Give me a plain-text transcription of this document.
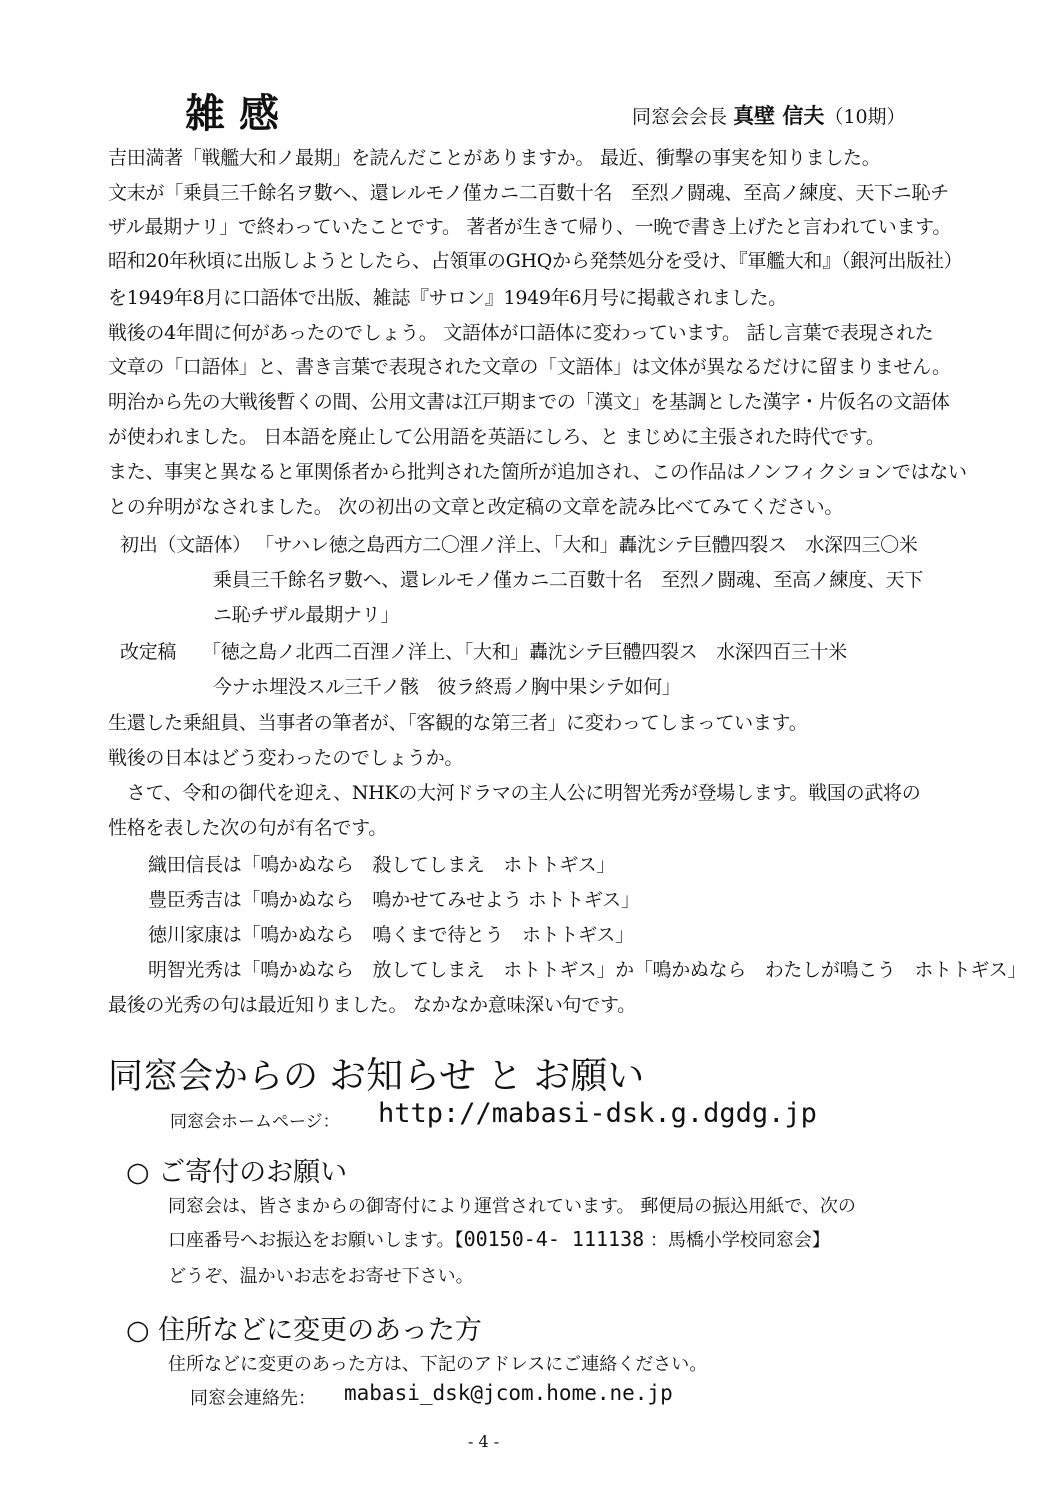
雑感	同窓会会長 真壁 信夫（10期）
吉田満著「戦艦大和ノ最期」を読んだことがありますか。 最近、衝撃の事実を知りました。
文末が「乗員三千餘名ヲ數ヘ、還レルモノ僅カニ二百數十名　至烈ノ闘魂、至高ノ練度、天下ニ恥チ
ザル最期ナリ」で終わっていたことです。 著者が生きて帰り、一晩で書き上げたと言われています。
昭和20年秋頃に出版しようとしたら、占領軍のGHQから発禁処分を受け、『軍艦大和』（銀河出版社）
を1949年8月に口語体で出版、雑誌『サロン』1949年6月号に掲載されました。
戦後の4年間に何があったのでしょう。 文語体が口語体に変わっています。 話し言葉で表現された
文章の「口語体」と、書き言葉で表現された文章の「文語体」は文体が異なるだけに留まりません。
明治から先の大戦後暫くの間、公用文書は江戸期までの「漢文」を基調とした漢字・片仮名の文語体
が使われました。 日本語を廃止して公用語を英語にしろ、と まじめに主張された時代です。
また、事実と異なると軍関係者から批判された箇所が追加され、この作品はノンフィクションではない
との弁明がなされました。 次の初出の文章と改定稿の文章を読み比べてみてください。
初出（文語体） 「サハレ徳之島西方二〇浬ノ洋上、「大和」轟沈シテ巨體四裂ス　水深四三〇米
乗員三千餘名ヲ數ヘ、還レルモノ僅カニ二百數十名　至烈ノ闘魂、至高ノ練度、天下
ニ恥チザル最期ナリ」
改定稿 「徳之島ノ北西二百浬ノ洋上、「大和」轟沈シテ巨體四裂ス　水深四百三十米
今ナホ埋没スル三千ノ骸　彼ラ終焉ノ胸中果シテ如何」
生還した乗組員、当事者の筆者が、「客観的な第三者」に変わってしまっています。
戦後の日本はどう変わったのでしょうか。
　さて、令和の御代を迎え、NHKの大河ドラマの主人公に明智光秀が登場します。戦国の武将の
性格を表した次の句が有名です。
織田信長は「鳴かぬなら　殺してしまえ　ホトトギス」
豊臣秀吉は「鳴かぬなら　鳴かせてみせよう ホトトギス」
徳川家康は「鳴かぬなら　鳴くまで待とう　ホトトギス」
明智光秀は「鳴かぬなら　放してしまえ　ホトトギス」か「鳴かぬなら　わたしが鳴こう　ホトトギス」
最後の光秀の句は最近知りました。 なかなか意味深い句です。
同窓会からの お知らせ と お願い
同窓会ホームページ： http://mabasi-dsk.g.dgdg.jp
○ ご寄付のお願い
同窓会は、皆さまからの御寄付により運営されています。 郵便局の振込用紙で、次の
口座番号へお振込をお願いします。【00150-4- 111138 ：馬橋小学校同窓会】
どうぞ、温かいお志をお寄せ下さい。
○ 住所などに変更のあった方
住所などに変更のあった方は、下記のアドレスにご連絡ください。
同窓会連絡先： mabasi_dsk@jcom.home.ne.jp
- 4 -
